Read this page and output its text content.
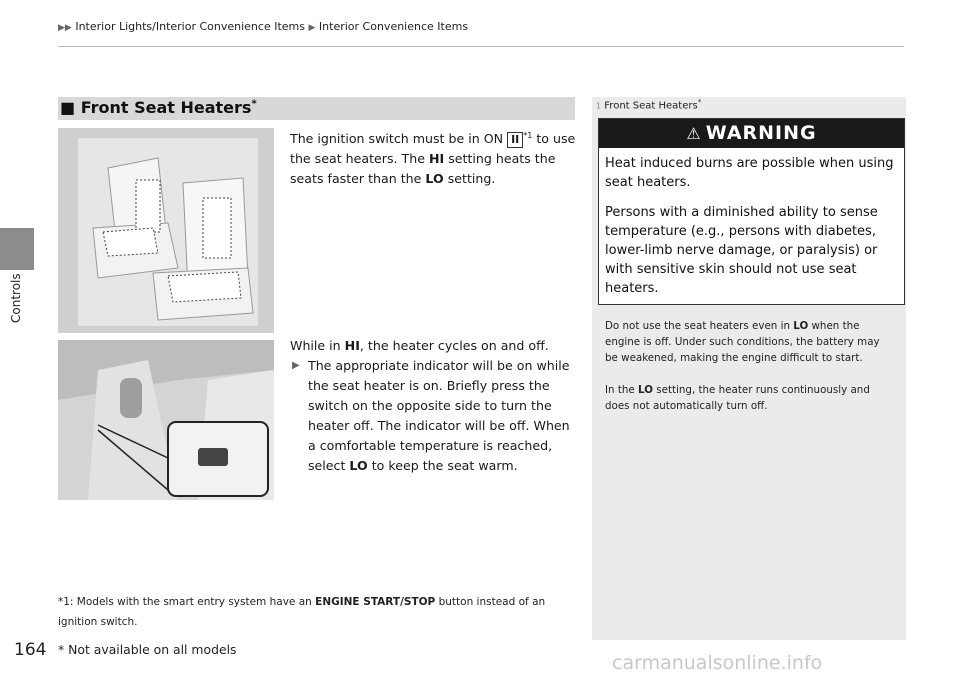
Controls
▶▶ Interior Lights/Interior Convenience Items ▶ Interior Convenience Items
■ Front Seat Heaters*
The ignition switch must be in ON II $^{*1}$ to use the seat heaters. The HI setting heats the seats faster than the LO setting.
While in HI, the heater cycles on and off.
▶ The appropriate indicator will be on while the seat heater is on. Briefly press the switch on the opposite side to turn the heater off. The indicator will be off. When a comfortable temperature is reached, select LO to keep the seat warm.
*1: Models with the smart entry system have an ENGINE START/STOP button instead of an ignition switch.
1 Front Seat Heaters*
⚠ WARNING

Heat induced burns are possible when using seat heaters.

Persons with a diminished ability to sense temperature (e.g., persons with diabetes, lower-limb nerve damage, or paralysis) or with sensitive skin should not use seat heaters.

Do not use the seat heaters even in LO when the engine is off. Under such conditions, the battery may be weakened, making the engine difficult to start.
In the LO setting, the heater runs continuously and does not automatically turn off.
164 * Not available on all models
carmanualsonline.info
